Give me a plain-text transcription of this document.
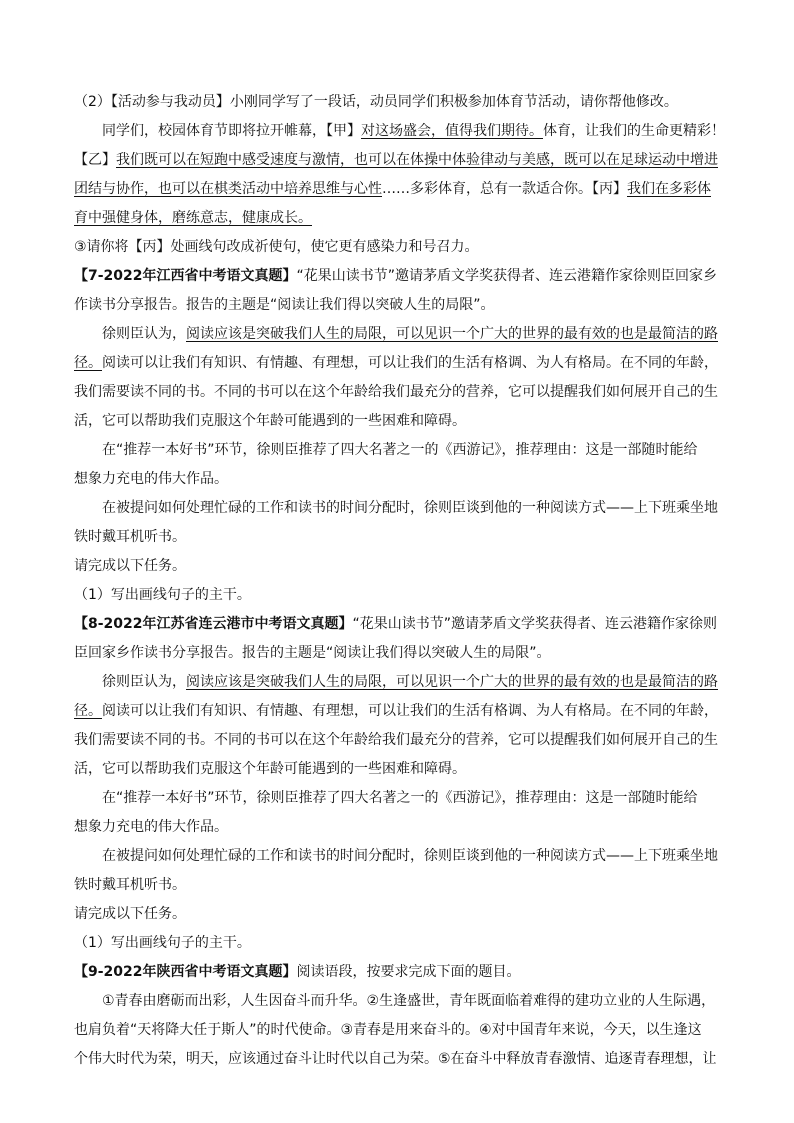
（2）【活动参与我动员】小刚同学写了一段话，动员同学们积极参加体育节活动，请你帮他修改。

同学们，校园体育节即将拉开帷幕，【甲】对这场盛会，值得我们期待。体育，让我们的生命更精彩！

【乙】我们既可以在短跑中感受速度与激情，也可以在体操中体验律动与美感，既可以在足球运动中增进

团结与协作，也可以在棋类活动中培养思维与心性……多彩体育，总有一款适合你。【丙】我们在多彩体

育中强健身体，磨练意志，健康成长。

③请你将【丙】处画线句改成祈使句，使它更有感染力和号召力。

【7-2022年江西省中考语文真题】“花果山读书节”邀请茅盾文学奖获得者、连云港籍作家徐则臣回家乡

作读书分享报告。报告的主题是“阅读让我们得以突破人生的局限”。

徐则臣认为，阅读应该是突破我们人生的局限，可以见识一个广大的世界的最有效的也是最简洁的路

径。阅读可以让我们有知识、有情趣、有理想，可以让我们的生活有格调、为人有格局。在不同的年龄，

我们需要读不同的书。不同的书可以在这个年龄给我们最充分的营养，它可以提醒我们如何展开自己的生

活，它可以帮助我们克服这个年龄可能遇到的一些困难和障碍。

在“推荐一本好书”环节，徐则臣推荐了四大名著之一的《西游记》，推荐理由：这是一部随时能给

想象力充电的伟大作品。

在被提问如何处理忙碌的工作和读书的时间分配时，徐则臣谈到他的一种阅读方式——上下班乘坐地

铁时戴耳机听书。

请完成以下任务。

（1）写出画线句子的主干。

【8-2022年江苏省连云港市中考语文真题】“花果山读书节”邀请茅盾文学奖获得者、连云港籍作家徐则

臣回家乡作读书分享报告。报告的主题是“阅读让我们得以突破人生的局限”。

徐则臣认为，阅读应该是突破我们人生的局限，可以见识一个广大的世界的最有效的也是最简洁的路

径。阅读可以让我们有知识、有情趣、有理想，可以让我们的生活有格调、为人有格局。在不同的年龄，

我们需要读不同的书。不同的书可以在这个年龄给我们最充分的营养，它可以提醒我们如何展开自己的生

活，它可以帮助我们克服这个年龄可能遇到的一些困难和障碍。

在“推荐一本好书”环节，徐则臣推荐了四大名著之一的《西游记》，推荐理由：这是一部随时能给

想象力充电的伟大作品。

在被提问如何处理忙碌的工作和读书的时间分配时，徐则臣谈到他的一种阅读方式——上下班乘坐地

铁时戴耳机听书。

请完成以下任务。

（1）写出画线句子的主干。

【9-2022年陕西省中考语文真题】阅读语段，按要求完成下面的题目。

①青春由磨砺而出彩，人生因奋斗而升华。②生逢盛世，青年既面临着难得的建功立业的人生际遇，

也肩负着“天将降大任于斯人”的时代使命。③青春是用来奋斗的。④对中国青年来说，今天，以生逢这

个伟大时代为荣，明天，应该通过奋斗让时代以自己为荣。⑤在奋斗中释放青春激情、追逐青春理想，让
